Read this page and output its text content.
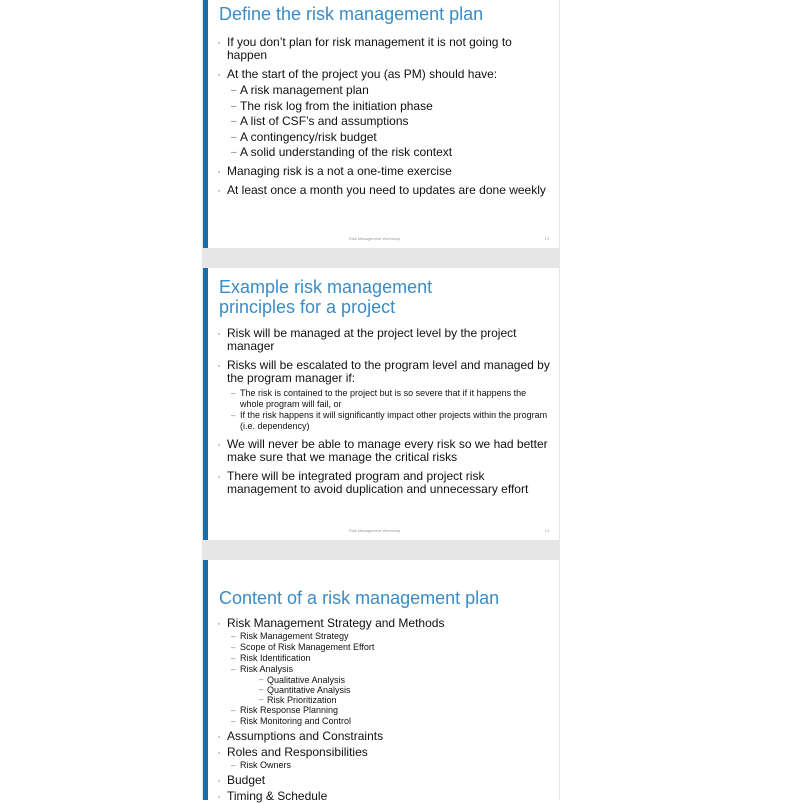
Define the risk management plan
· If you don’t plan for risk management it is not going to happen
· At the start of the project you (as PM) should have:
– A risk management plan
– The risk log from the initiation phase
– A list of CSF’s and assumptions
– A contingency/risk budget
– A solid understanding of the risk context
· Managing risk is a not a one-time exercise
· At least once a month you need to updates are done weekly
Risk Management Workshop	13
Example risk management
principles for a project
· Risk will be managed at the project level by the project manager
· Risks will be escalated to the program level and managed by the program manager if:
– The risk is contained to the project but is so severe that if it happens the whole program will fail, or
– If the risk happens it will significantly impact other projects within the program (i.e. dependency)
· We will never be able to manage every risk so we had better make sure that we manage the critical risks
· There will be integrated program and project risk management to avoid duplication and unnecessary effort
Risk Management Workshop	13
Content of a risk management plan
· Risk Management Strategy and Methods
– Risk Management Strategy
– Scope of Risk Management Effort
– Risk Identification
– Risk Analysis
– Qualitative Analysis
– Quantitative Analysis
– Risk Prioritization
– Risk Response Planning
– Risk Monitoring and Control
· Assumptions and Constraints
· Roles and Responsibilities
– Risk Owners
· Budget
· Timing & Schedule
